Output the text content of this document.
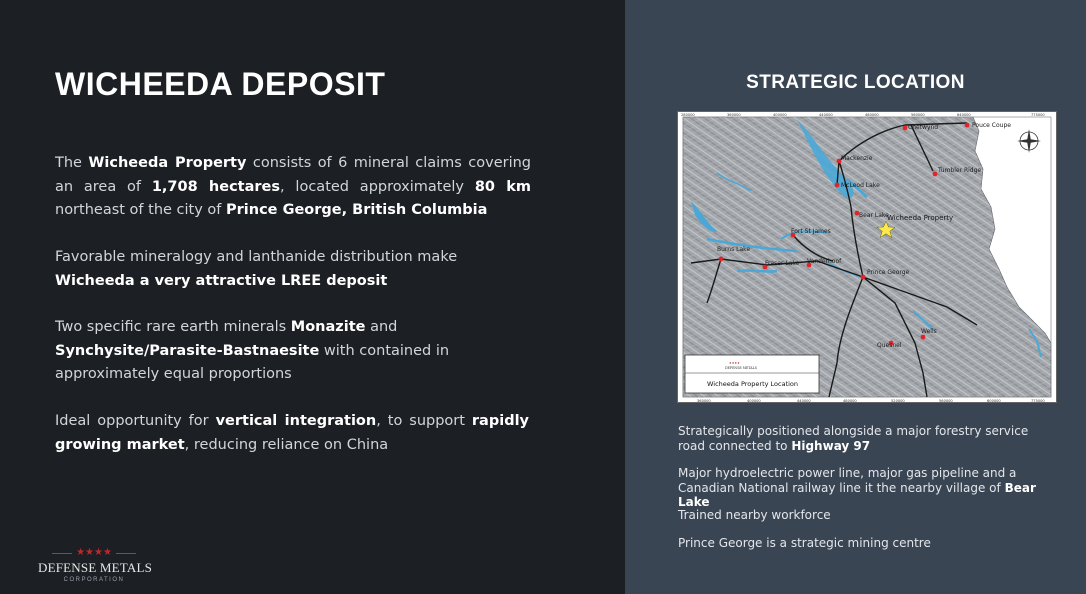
WICHEEDA DEPOSIT

The Wicheeda Property consists of 6 mineral claims covering an area of 1,708 hectares, located approximately 80 km northeast of the city of Prince George, British Columbia

Favorable mineralogy and lanthanide distribution make Wicheeda a very attractive LREE deposit

Two specific rare earth minerals Monazite and Synchysite/Parasite-Bastnaesite with contained in approximately equal proportions

Ideal opportunity for vertical integration, to support rapidly growing market, reducing reliance on China

★★★★
DEFENSE METALS
CORPORATION
STRATEGIC LOCATION
Chetwynd	Pouce Coupe
Mackenzie
Tumbler Ridge
McLeod Lake
Bear Lake
Wicheeda Property
Fort St James
Burns Lake
Fraser Lake Vanderhoof
Prince George
Wells
Quesnel
280000	360000	400000	440000	480000	560000	640000	775000
360000	400000	440000	480000	520000	560000	600000	775000
★★★★
DEFENSE METALS
Wicheeda Property Location

Strategically positioned alongside a major forestry service road connected to Highway 97

Major hydroelectric power line, major gas pipeline and a Canadian National railway line it the nearby village of Bear Lake

Trained nearby workforce

Prince George is a strategic mining centre
